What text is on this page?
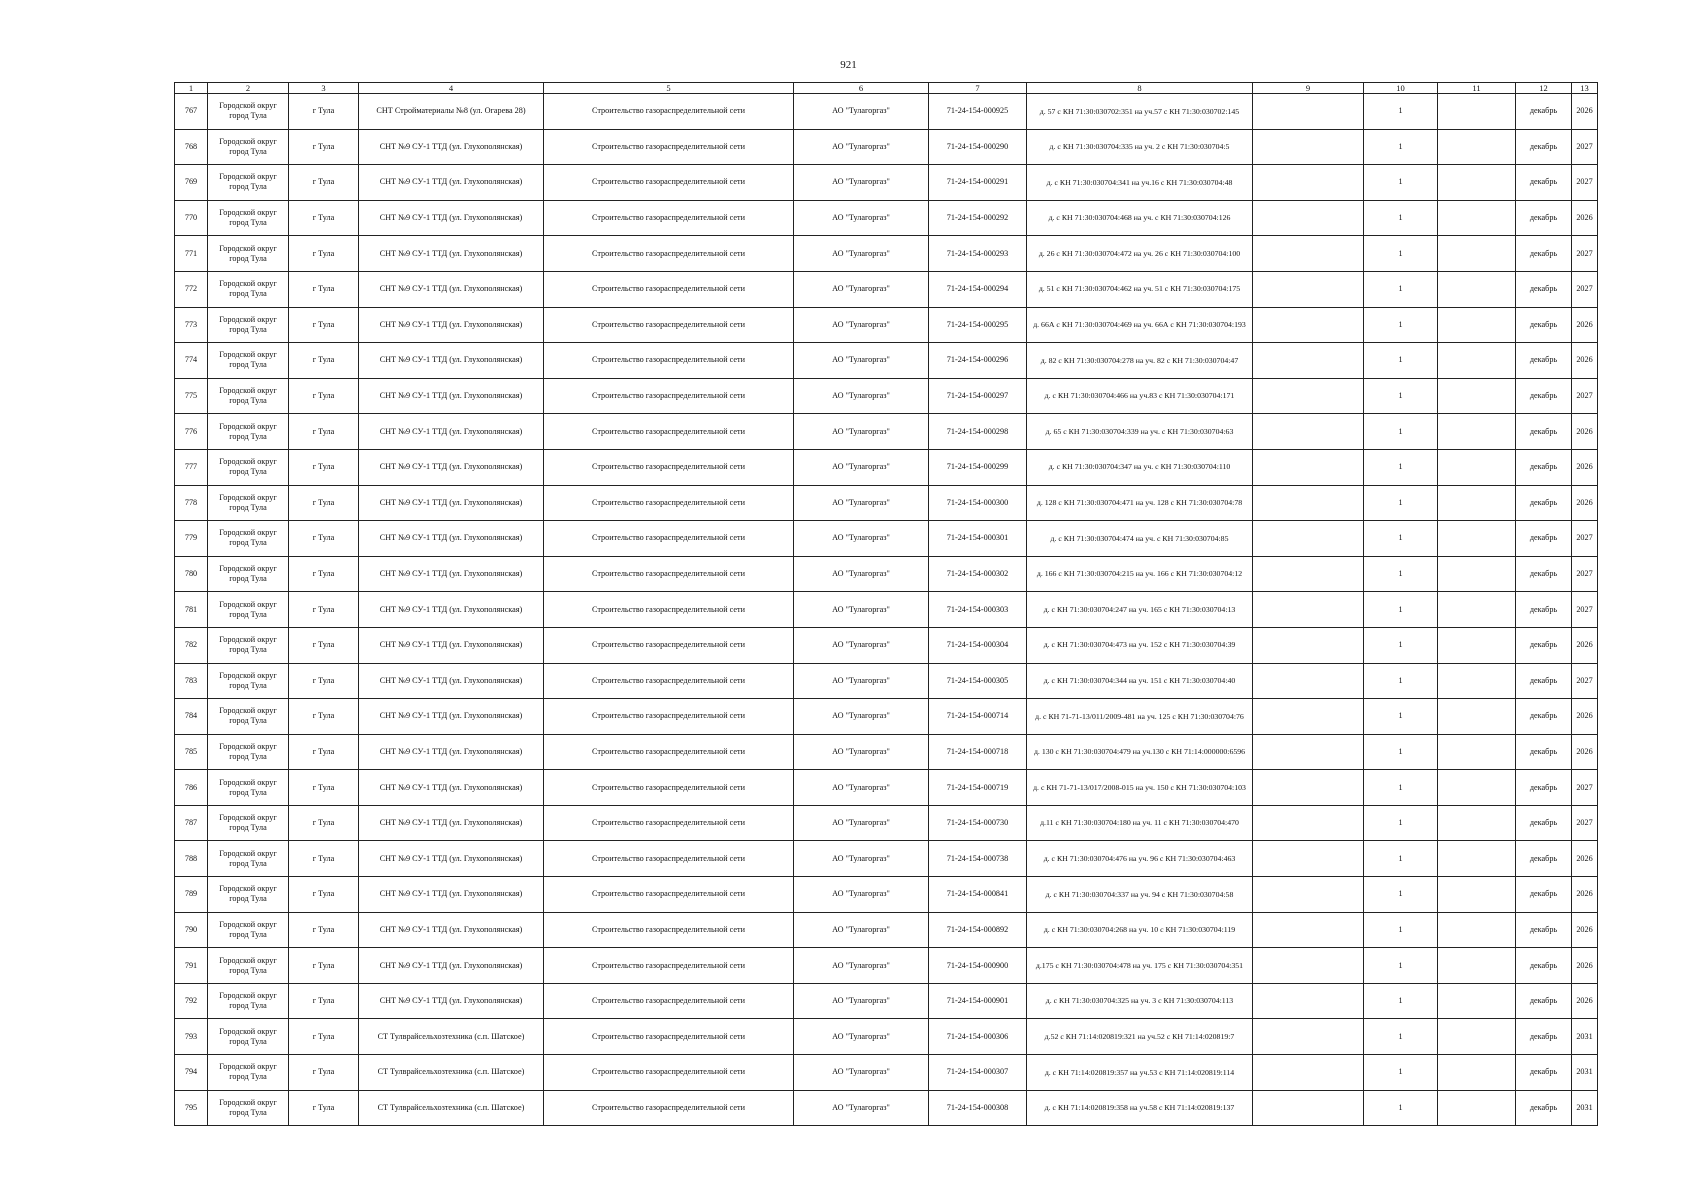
921
1	2	3	4	5	6	7	8	9	10	11	12	13
767	Городской округ город Тула	г Тула	СНТ Стройматериалы №8 (ул. Огарева 28)	Строительство газораспределительной сети	АО "Тулагоргаз"	71-24-154-000925	д. 57 с КН 71:30:030702:351 на уч.57 с КН 71:30:030702:145		1		декабрь	2026
768	Городской округ город Тула	г Тула	СНТ №9 СУ-1 ТТД (ул. Глухополянская)	Строительство газораспределительной сети	АО "Тулагоргаз"	71-24-154-000290	д. с КН 71:30:030704:335 на уч. 2 с КН 71:30:030704:5		1		декабрь	2027
769	Городской округ город Тула	г Тула	СНТ №9 СУ-1 ТТД (ул. Глухополянская)	Строительство газораспределительной сети	АО "Тулагоргаз"	71-24-154-000291	д. с КН 71:30:030704:341 на уч.16 с КН 71:30:030704:48		1		декабрь	2027
770	Городской округ город Тула	г Тула	СНТ №9 СУ-1 ТТД (ул. Глухополянская)	Строительство газораспределительной сети	АО "Тулагоргаз"	71-24-154-000292	д. с КН 71:30:030704:468 на уч. с КН 71:30:030704:126		1		декабрь	2026
771	Городской округ город Тула	г Тула	СНТ №9 СУ-1 ТТД (ул. Глухополянская)	Строительство газораспределительной сети	АО "Тулагоргаз"	71-24-154-000293	д. 26 с КН 71:30:030704:472 на уч. 26 с КН 71:30:030704:100		1		декабрь	2027
772	Городской округ город Тула	г Тула	СНТ №9 СУ-1 ТТД (ул. Глухополянская)	Строительство газораспределительной сети	АО "Тулагоргаз"	71-24-154-000294	д. 51 с КН 71:30:030704:462 на уч. 51 с КН 71:30:030704:175		1		декабрь	2027
773	Городской округ город Тула	г Тула	СНТ №9 СУ-1 ТТД (ул. Глухополянская)	Строительство газораспределительной сети	АО "Тулагоргаз"	71-24-154-000295	д. 66А с КН 71:30:030704:469 на уч. 66А с КН 71:30:030704:193		1		декабрь	2026
774	Городской округ город Тула	г Тула	СНТ №9 СУ-1 ТТД (ул. Глухополянская)	Строительство газораспределительной сети	АО "Тулагоргаз"	71-24-154-000296	д. 82 с КН 71:30:030704:278 на уч. 82 с КН 71:30:030704:47		1		декабрь	2026
775	Городской округ город Тула	г Тула	СНТ №9 СУ-1 ТТД (ул. Глухополянская)	Строительство газораспределительной сети	АО "Тулагоргаз"	71-24-154-000297	д. с КН 71:30:030704:466 на уч.83 с КН 71:30:030704:171		1		декабрь	2027
776	Городской округ город Тула	г Тула	СНТ №9 СУ-1 ТТД (ул. Глухополянская)	Строительство газораспределительной сети	АО "Тулагоргаз"	71-24-154-000298	д. 65 с КН 71:30:030704:339 на уч. с КН 71:30:030704:63		1		декабрь	2026
777	Городской округ город Тула	г Тула	СНТ №9 СУ-1 ТТД (ул. Глухополянская)	Строительство газораспределительной сети	АО "Тулагоргаз"	71-24-154-000299	д. с КН 71:30:030704:347 на уч. с КН 71:30:030704:110		1		декабрь	2026
778	Городской округ город Тула	г Тула	СНТ №9 СУ-1 ТТД (ул. Глухополянская)	Строительство газораспределительной сети	АО "Тулагоргаз"	71-24-154-000300	д. 128 с КН 71:30:030704:471 на уч. 128 с КН 71:30:030704:78		1		декабрь	2026
779	Городской округ город Тула	г Тула	СНТ №9 СУ-1 ТТД (ул. Глухополянская)	Строительство газораспределительной сети	АО "Тулагоргаз"	71-24-154-000301	д. с КН 71:30:030704:474 на уч. с КН 71:30:030704:85		1		декабрь	2027
780	Городской округ город Тула	г Тула	СНТ №9 СУ-1 ТТД (ул. Глухополянская)	Строительство газораспределительной сети	АО "Тулагоргаз"	71-24-154-000302	д. 166 с КН 71:30:030704:215 на уч. 166 с КН 71:30:030704:12		1		декабрь	2027
781	Городской округ город Тула	г Тула	СНТ №9 СУ-1 ТТД (ул. Глухополянская)	Строительство газораспределительной сети	АО "Тулагоргаз"	71-24-154-000303	д. с КН 71:30:030704:247 на уч. 165 с КН 71:30:030704:13		1		декабрь	2027
782	Городской округ город Тула	г Тула	СНТ №9 СУ-1 ТТД (ул. Глухополянская)	Строительство газораспределительной сети	АО "Тулагоргаз"	71-24-154-000304	д. с КН 71:30:030704:473 на уч. 152 с КН 71:30:030704:39		1		декабрь	2026
783	Городской округ город Тула	г Тула	СНТ №9 СУ-1 ТТД (ул. Глухополянская)	Строительство газораспределительной сети	АО "Тулагоргаз"	71-24-154-000305	д. с КН 71:30:030704:344 на уч. 151 с КН 71:30:030704:40		1		декабрь	2027
784	Городской округ город Тула	г Тула	СНТ №9 СУ-1 ТТД (ул. Глухополянская)	Строительство газораспределительной сети	АО "Тулагоргаз"	71-24-154-000714	д. с КН 71-71-13/011/2009-481 на уч. 125 с КН 71:30:030704:76		1		декабрь	2026
785	Городской округ город Тула	г Тула	СНТ №9 СУ-1 ТТД (ул. Глухополянская)	Строительство газораспределительной сети	АО "Тулагоргаз"	71-24-154-000718	д. 130 с КН 71:30:030704:479 на уч.130 с КН 71:14:000000:6596		1		декабрь	2026
786	Городской округ город Тула	г Тула	СНТ №9 СУ-1 ТТД (ул. Глухополянская)	Строительство газораспределительной сети	АО "Тулагоргаз"	71-24-154-000719	д. с КН 71-71-13/017/2008-015 на уч. 150 с КН 71:30:030704:103		1		декабрь	2027
787	Городской округ город Тула	г Тула	СНТ №9 СУ-1 ТТД (ул. Глухополянская)	Строительство газораспределительной сети	АО "Тулагоргаз"	71-24-154-000730	д.11 с КН 71:30:030704:180 на уч. 11 с КН 71:30:030704:470		1		декабрь	2027
788	Городской округ город Тула	г Тула	СНТ №9 СУ-1 ТТД (ул. Глухополянская)	Строительство газораспределительной сети	АО "Тулагоргаз"	71-24-154-000738	д. с КН 71:30:030704:476 на уч. 96 с КН 71:30:030704:463		1		декабрь	2026
789	Городской округ город Тула	г Тула	СНТ №9 СУ-1 ТТД (ул. Глухополянская)	Строительство газораспределительной сети	АО "Тулагоргаз"	71-24-154-000841	д. с КН 71:30:030704:337 на уч. 94 с КН 71:30:030704:58		1		декабрь	2026
790	Городской округ город Тула	г Тула	СНТ №9 СУ-1 ТТД (ул. Глухополянская)	Строительство газораспределительной сети	АО "Тулагоргаз"	71-24-154-000892	д. с КН 71:30:030704:268 на уч. 10 с КН 71:30:030704:119		1		декабрь	2026
791	Городской округ город Тула	г Тула	СНТ №9 СУ-1 ТТД (ул. Глухополянская)	Строительство газораспределительной сети	АО "Тулагоргаз"	71-24-154-000900	д.175 с КН 71:30:030704:478 на уч. 175 с КН 71:30:030704:351		1		декабрь	2026
792	Городской округ город Тула	г Тула	СНТ №9 СУ-1 ТТД (ул. Глухополянская)	Строительство газораспределительной сети	АО "Тулагоргаз"	71-24-154-000901	д. с КН 71:30:030704:325 на уч. 3 с КН 71:30:030704:113		1		декабрь	2026
793	Городской округ город Тула	г Тула	СТ Тулврайсельхозтехника (с.п. Шатское)	Строительство газораспределительной сети	АО "Тулагоргаз"	71-24-154-000306	д.52 с КН 71:14:020819:321 на уч.52 с КН 71:14:020819:7		1		декабрь	2031
794	Городской округ город Тула	г Тула	СТ Тулврайсельхозтехника (с.п. Шатское)	Строительство газораспределительной сети	АО "Тулагоргаз"	71-24-154-000307	д. с КН 71:14:020819:357 на уч.53 с КН 71:14:020819:114		1		декабрь	2031
795	Городской округ город Тула	г Тула	СТ Тулврайсельхозтехника (с.п. Шатское)	Строительство газораспределительной сети	АО "Тулагоргаз"	71-24-154-000308	д. с КН 71:14:020819:358 на уч.58 с КН 71:14:020819:137		1		декабрь	2031
